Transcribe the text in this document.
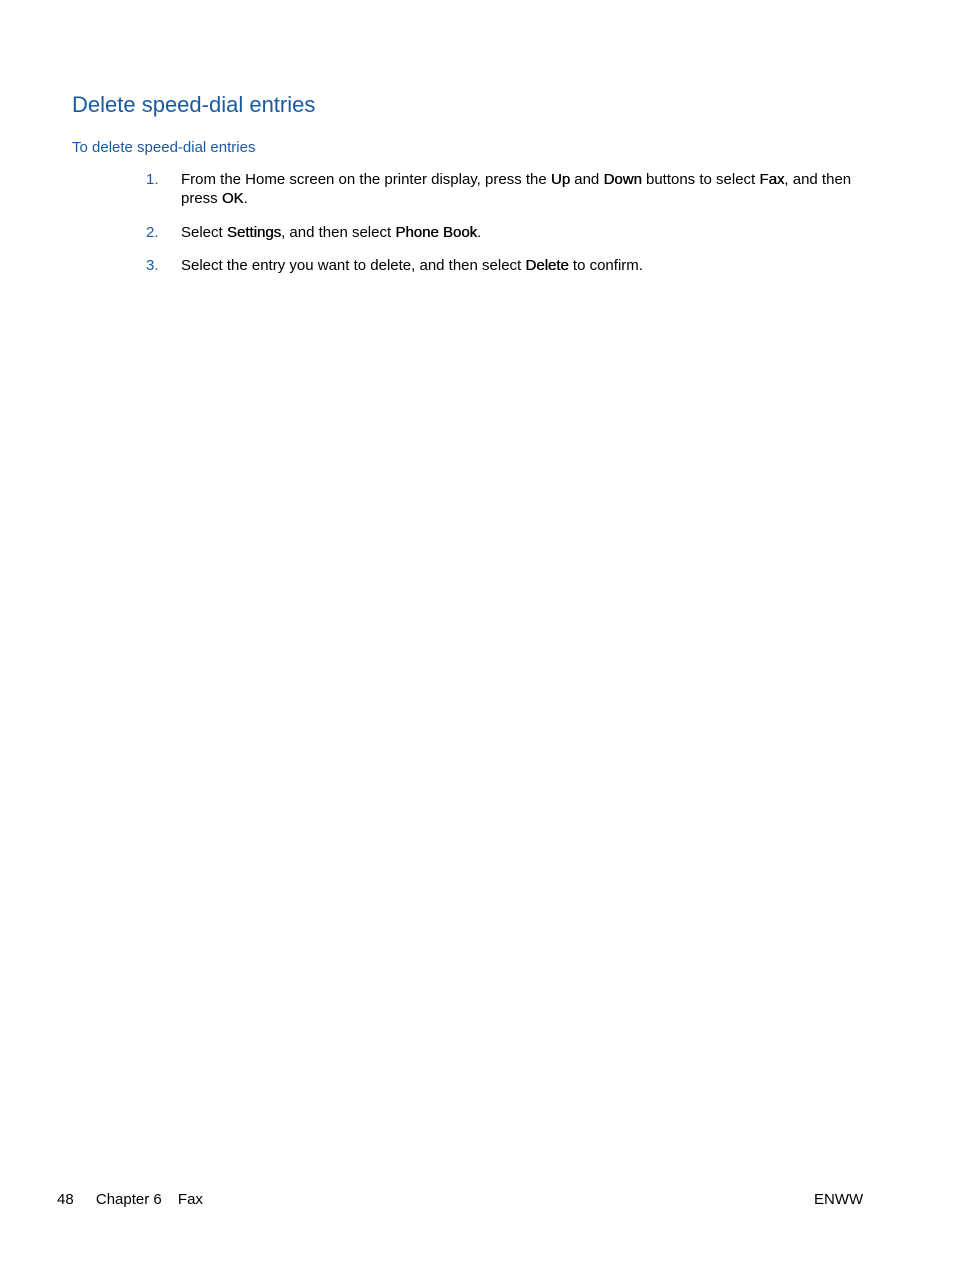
Delete speed-dial entries
To delete speed-dial entries
1. From the Home screen on the printer display, press the Up and Down buttons to select Fax, and then press OK.
2. Select Settings, and then select Phone Book.
3. Select the entry you want to delete, and then select Delete to confirm.
48 Chapter 6 Fax	ENWW
